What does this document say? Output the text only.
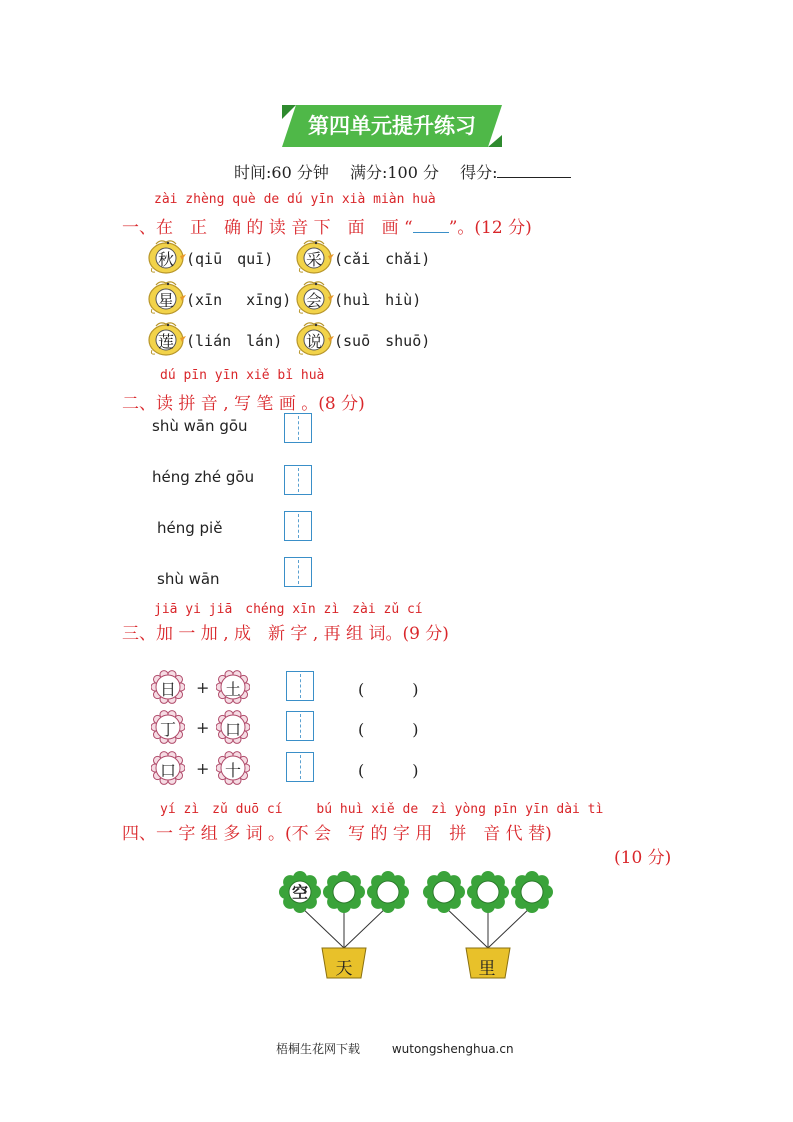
第四单元提升练习
时间:60 分钟 满分:100 分 得分:
zài zhèng què de dú yīn xià miàn huà
一、在　正　确 的 读 音 下　面　画 “ ”。(12 分)
秋 (qiū　quī) 采 (cǎi　chǎi)
星 (xīn　 xīng) 会 (huì　hiù)
莲 (lián　lán) 说 (suō　shuō)
dú pīn yīn xiě bǐ huà
二、读 拼 音 , 写 笔 画 。(8 分)
shù wān gōu
héng zhé gōu
héng piě
shù wān
jiā yi jiā　chéng xīn zì　zài zǔ cí
三、加 一 加 , 成　新 字 , 再 组 词。(9 分)
日	+ 土	(　　　)
丁	+ 口	(　　　)
口	+ 十	(　　　)
yí zì　zǔ duō cí　　 bú huì xiě de　zì yòng pīn yīn dài tì
四、一 字 组 多 词 。(不 会　写 的 字 用　拼　音 代 替)
(10 分)
空
天	里
梧桐生花网下载	wutongshenghua.cn
